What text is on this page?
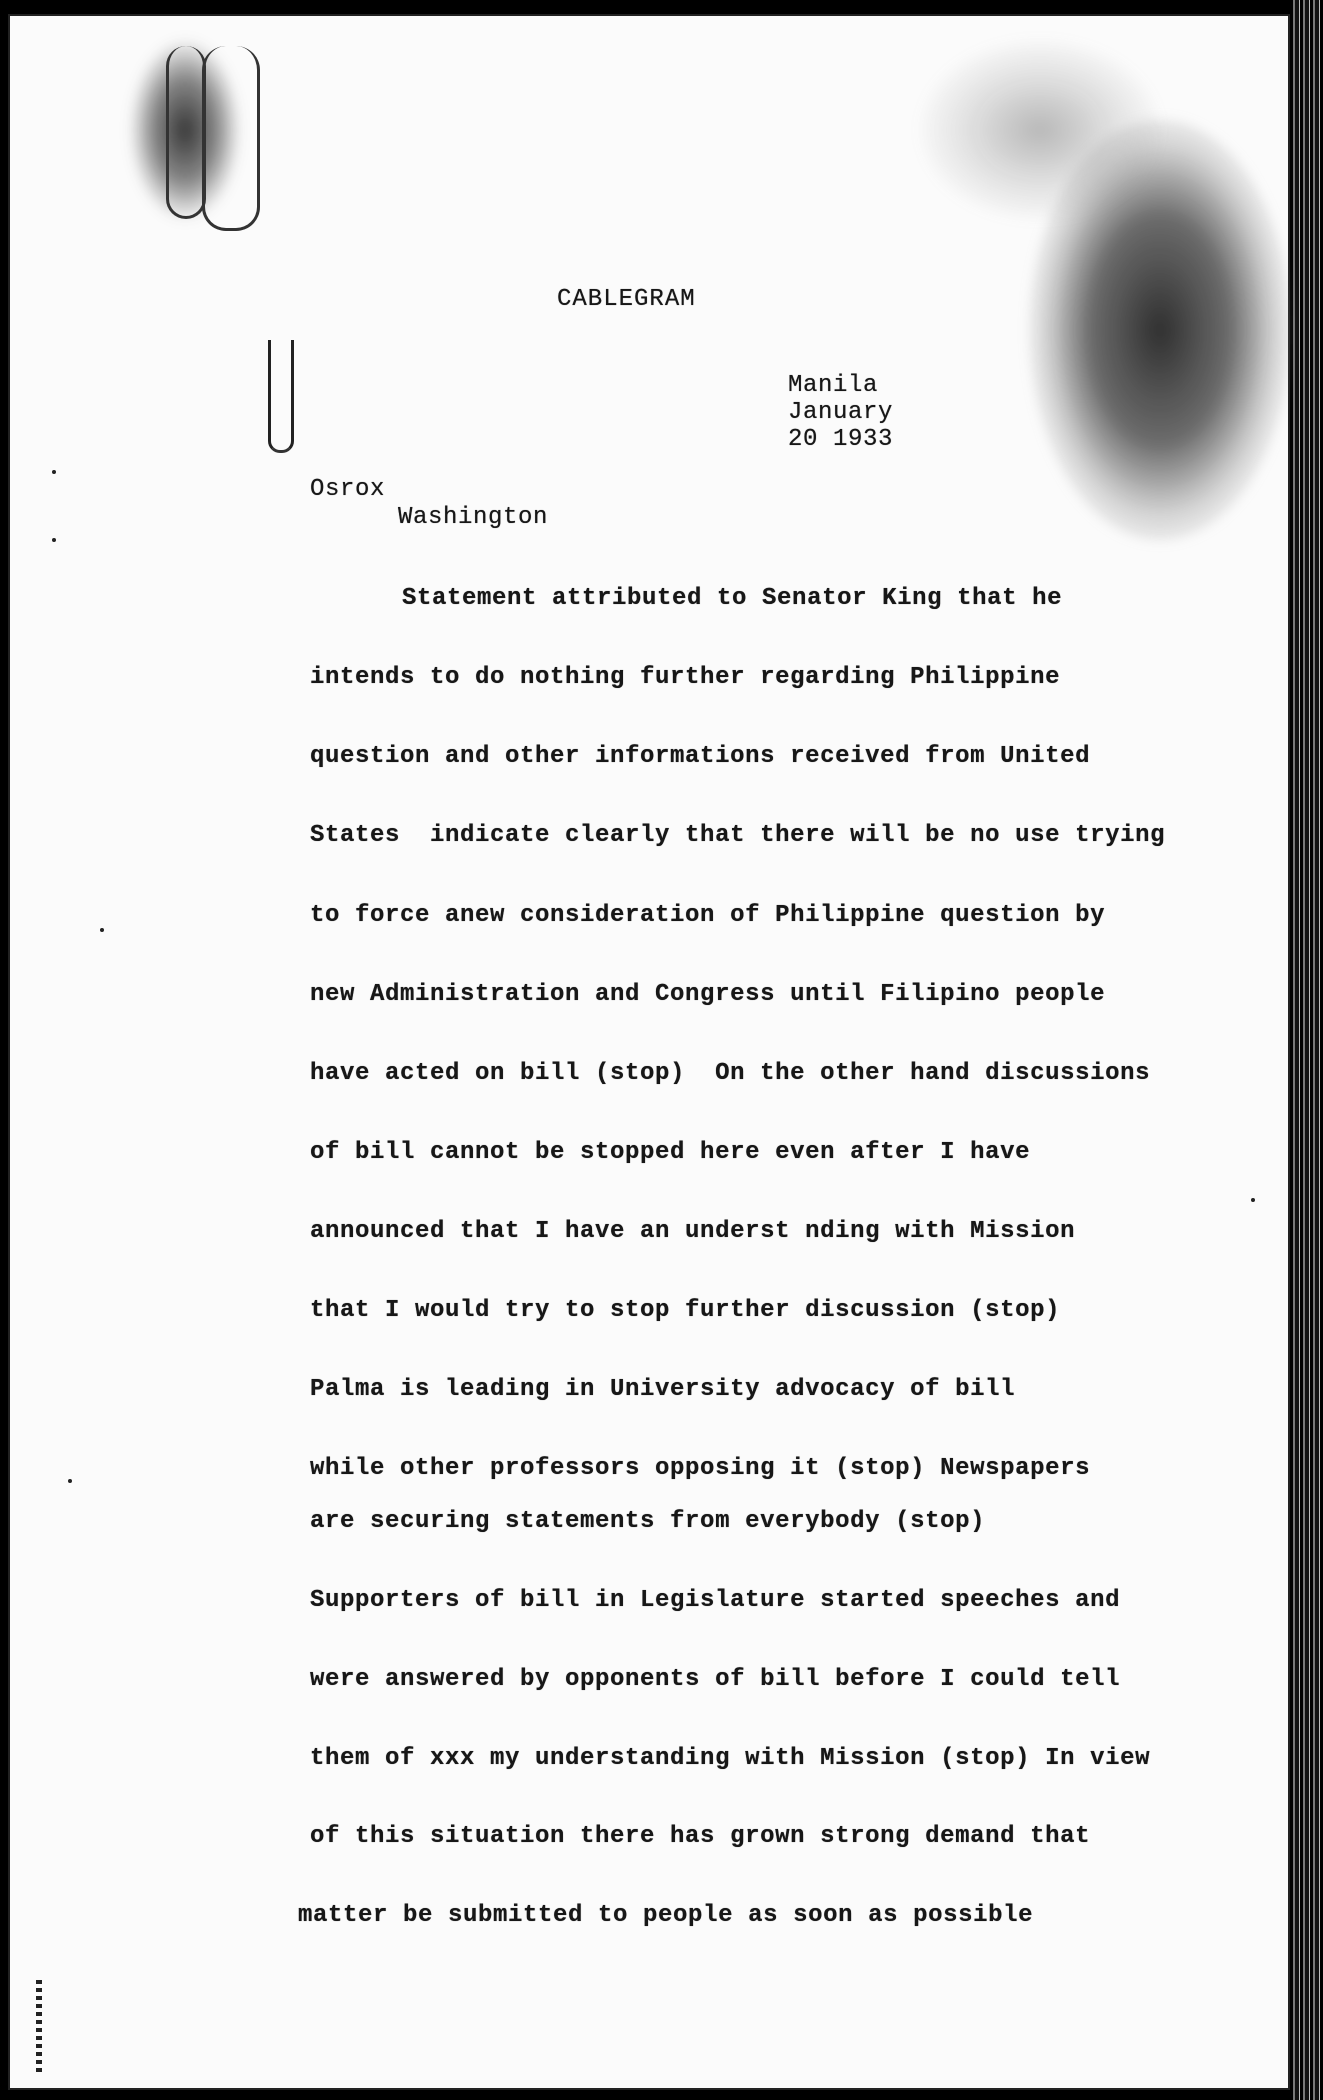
CABLEGRAM
Manila January 20 1933
Osrox
Washington
Statement attributed to Senator King that he
intends to do nothing further regarding Philippine
question and other informations received from United
States  indicate clearly that there will be no use trying
to force anew consideration of Philippine question by
new Administration and Congress until Filipino people
have acted on bill (stop)  On the other hand discussions
of bill cannot be stopped here even after I have
announced that I have an underst nding with Mission
that I would try to stop further discussion (stop)
Palma is leading in University advocacy of bill
while other professors opposing it (stop) Newspapers
are securing statements from everybody (stop)
Supporters of bill in Legislature started speeches and
were answered by opponents of bill before I could tell
them of xxx my understanding with Mission (stop) In view
of this situation there has grown strong demand that
matter be submitted to people as soon as possible
